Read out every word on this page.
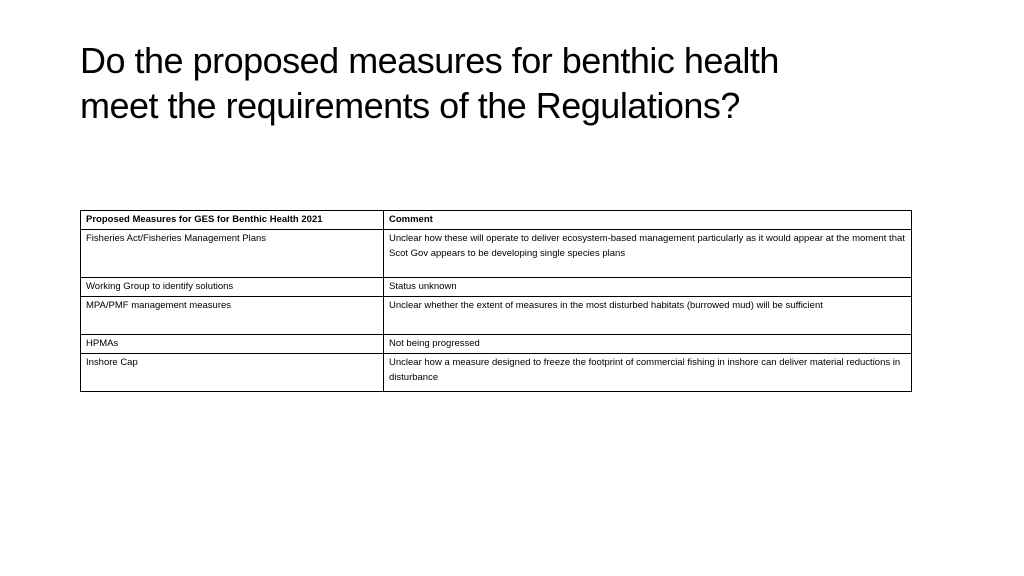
Do the proposed measures for benthic health
meet the requirements of the Regulations?
Proposed Measures for GES for Benthic Health 2021	Comment
Fisheries Act/Fisheries Management Plans	Unclear how these will operate to deliver ecosystem-based management particularly as it would appear at the moment that Scot Gov appears to be developing single species plans
Working Group to identify solutions	Status unknown
MPA/PMF management measures	Unclear whether the extent of measures in the most disturbed habitats (burrowed mud) will be sufficient
HPMAs	Not being progressed
Inshore Cap	Unclear how a measure designed to freeze the footprint of commercial fishing in inshore can deliver material reductions in disturbance
